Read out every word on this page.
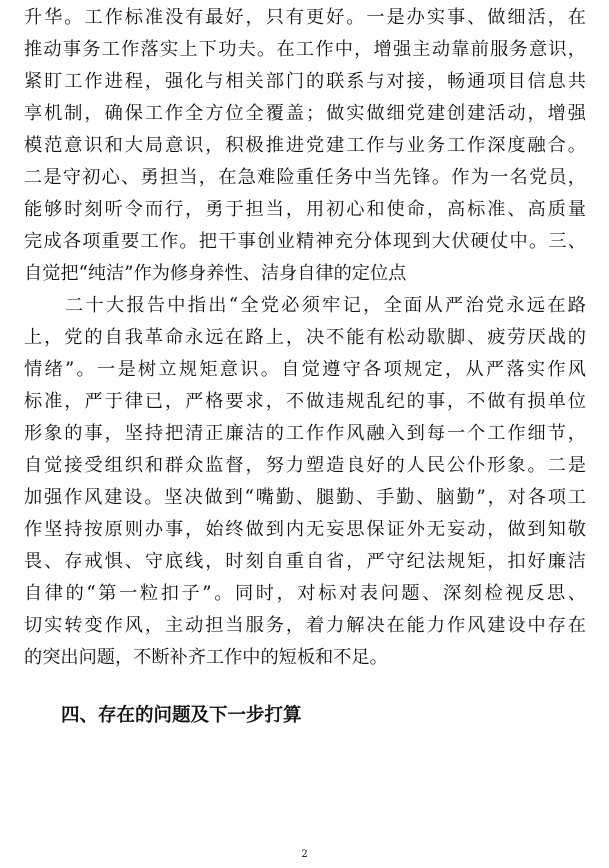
升华。工作标准没有最好，只有更好。一是办实事、做细活，在
推动事务工作落实上下功夫。在工作中，增强主动靠前服务意识，
紧盯工作进程，强化与相关部门的联系与对接，畅通项目信息共
享机制，确保工作全方位全覆盖；做实做细党建创建活动，增强
模范意识和大局意识，积极推进党建工作与业务工作深度融合。
二是守初心、勇担当，在急难险重任务中当先锋。作为一名党员，
能够时刻听令而行，勇于担当，用初心和使命，高标准、高质量
完成各项重要工作。把干事创业精神充分体现到大伏硬仗中。三、
自觉把“纯洁”作为修身养性、洁身自律的定位点
　　二十大报告中指出“全党必须牢记，全面从严治党永远在路
上，党的自我革命永远在路上，决不能有松动歇脚、疲劳厌战的
情绪”。一是树立规矩意识。自觉遵守各项规定，从严落实作风
标准，严于律已，严格要求，不做违规乱纪的事，不做有损单位
形象的事，坚持把清正廉洁的工作作风融入到每一个工作细节，
自觉接受组织和群众监督，努力塑造良好的人民公仆形象。二是
加强作风建设。坚决做到“嘴勤、腿勤、手勤、脑勤”，对各项工
作坚持按原则办事，始终做到内无妄思保证外无妄动，做到知敬
畏、存戒惧、守底线，时刻自重自省，严守纪法规矩，扣好廉洁
自律的“第一粒扣子”。同时，对标对表问题、深刻检视反思、
切实转变作风，主动担当服务，着力解决在能力作风建设中存在
的突出问题，不断补齐工作中的短板和不足。
四、存在的问题及下一步打算
2
